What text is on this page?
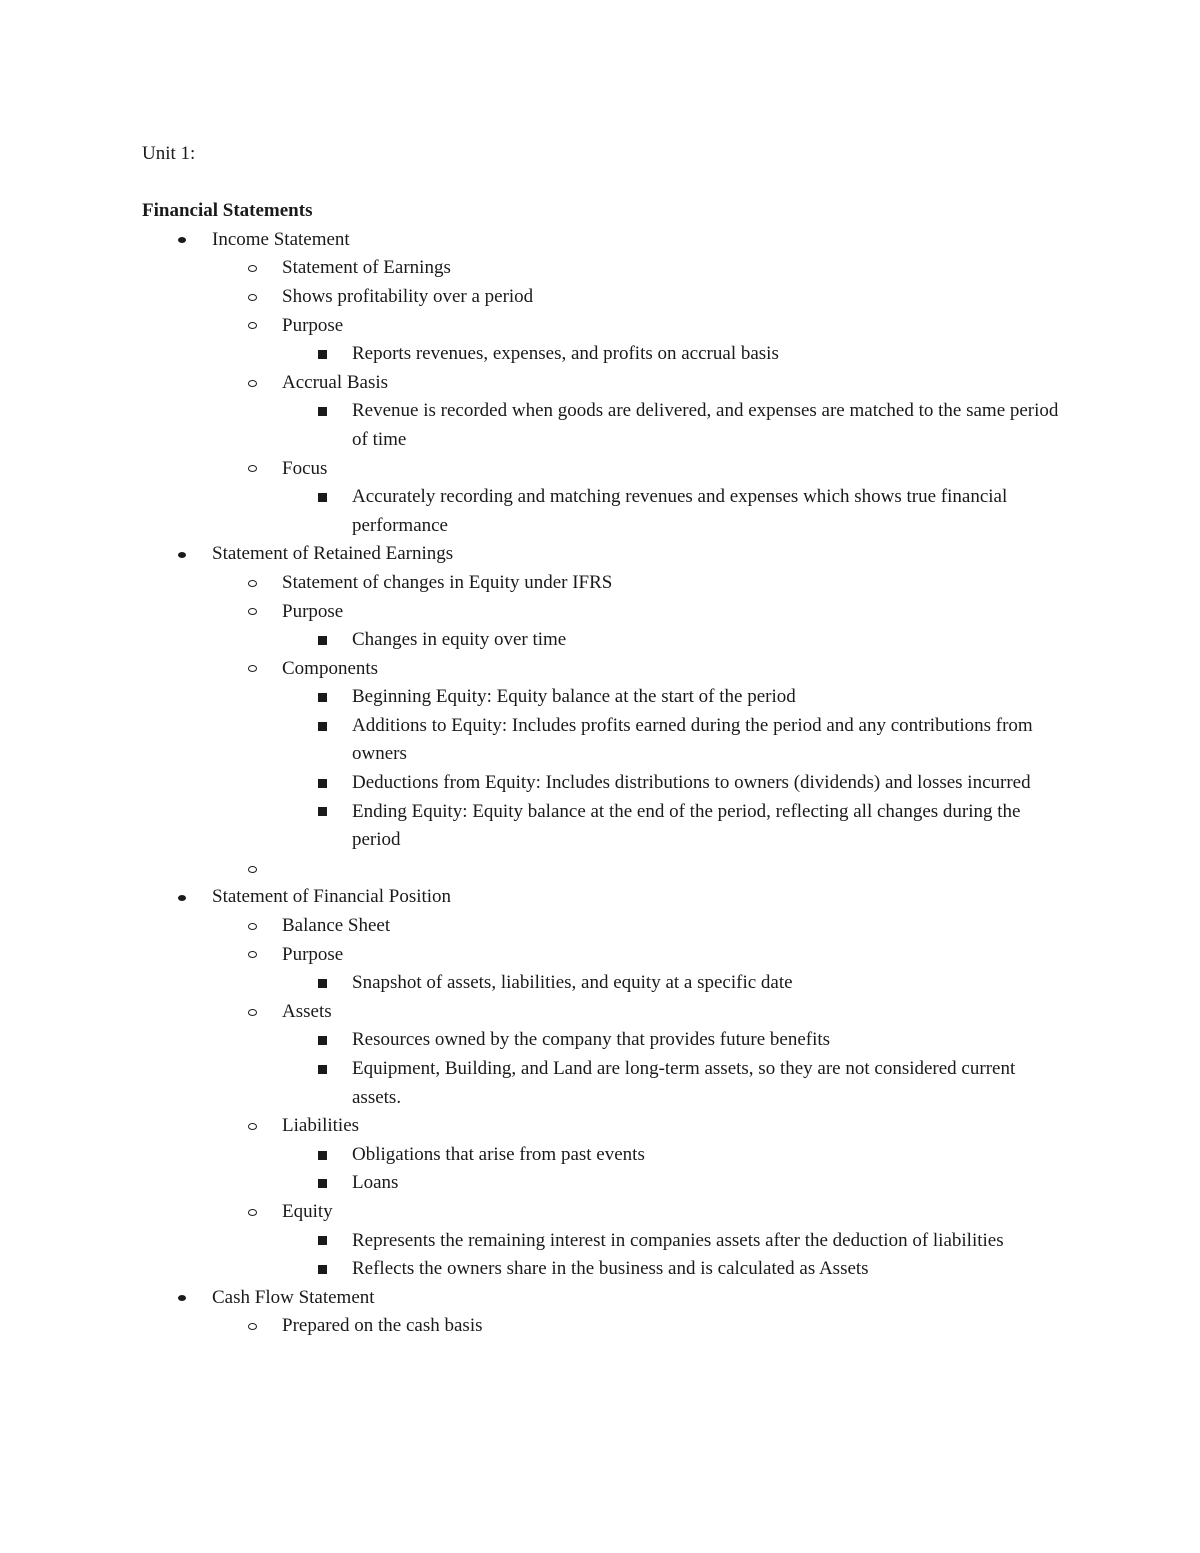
Unit 1:

Financial Statements

Income Statement
Statement of Earnings
Shows profitability over a period
Purpose
Reports revenues, expenses, and profits on accrual basis
Accrual Basis
Revenue is recorded when goods are delivered, and expenses are matched to the same period of time
Focus
Accurately recording and matching revenues and expenses which shows true financial performance
Statement of Retained Earnings
Statement of changes in Equity under IFRS
Purpose
Changes in equity over time
Components
Beginning Equity: Equity balance at the start of the period
Additions to Equity: Includes profits earned during the period and any contributions from owners
Deductions from Equity: Includes distributions to owners (dividends) and losses incurred
Ending Equity: Equity balance at the end of the period, reflecting all changes during the period
Statement of Financial Position
Balance Sheet
Purpose
Snapshot of assets, liabilities, and equity at a specific date
Assets
Resources owned by the company that provides future benefits
Equipment, Building, and Land are long-term assets, so they are not considered current assets.
Liabilities
Obligations that arise from past events
Loans
Equity
Represents the remaining interest in companies assets after the deduction of liabilities
Reflects the owners share in the business and is calculated as Assets
Cash Flow Statement
Prepared on the cash basis
